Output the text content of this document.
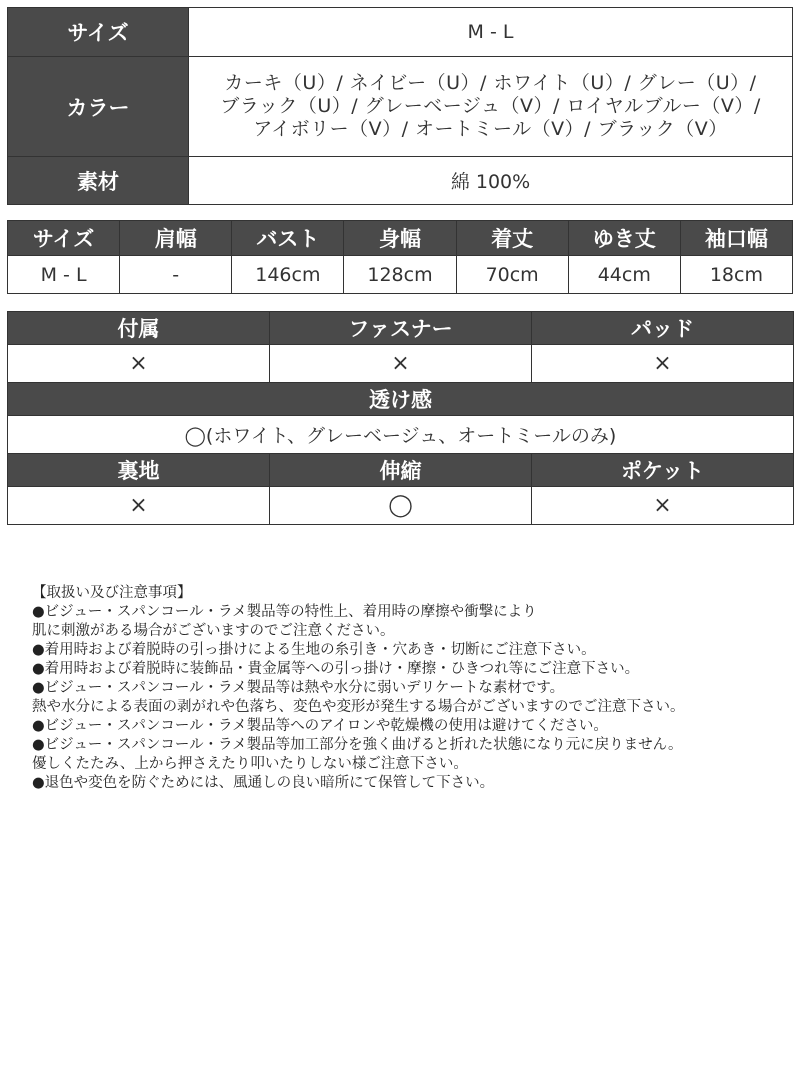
サイズ	M - L
カラー	カーキ（U）/ ネイビー（U）/ ホワイト（U）/ グレー（U）/
ブラック（U）/ グレーベージュ（V）/ ロイヤルブルー（V）/
アイボリー（V）/ オートミール（V）/ ブラック（V）

素材	綿 100%
サイズ	肩幅	バスト	身幅	着丈	ゆき丈	袖口幅
M - L	-	146cm	128cm	70cm	44cm	18cm
付属	ファスナー	パッド
×	×	×
透け感		
◯(ホワイト、グレーベージュ、オートミールのみ)		
裏地	伸縮	ポケット
×	◯	×
【取扱い及び注意事項】
●ビジュー・スパンコール・ラメ製品等の特性上、着用時の摩擦や衝撃により
肌に刺激がある場合がございますのでご注意ください。
●着用時および着脱時の引っ掛けによる生地の糸引き・穴あき・切断にご注意下さい。
●着用時および着脱時に装飾品・貴金属等への引っ掛け・摩擦・ひきつれ等にご注意下さい。
●ビジュー・スパンコール・ラメ製品等は熱や水分に弱いデリケートな素材です。
熱や水分による表面の剥がれや色落ち、変色や変形が発生する場合がございますのでご注意下さい。
●ビジュー・スパンコール・ラメ製品等へのアイロンや乾燥機の使用は避けてください。
●ビジュー・スパンコール・ラメ製品等加工部分を強く曲げると折れた状態になり元に戻りません。
優しくたたみ、上から押さえたり叩いたりしない様ご注意下さい。
●退色や変色を防ぐためには、風通しの良い暗所にて保管して下さい。
